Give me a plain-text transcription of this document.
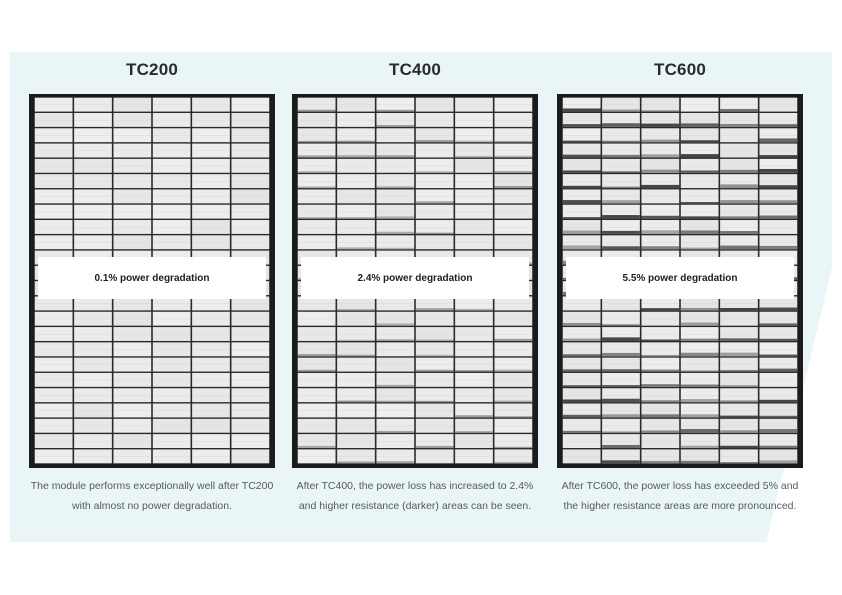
TC200
0.1% power degradation
The module performs exceptionally well after TC200 with almost no power degradation.
TC400
2.4% power degradation
After TC400, the power loss has increased to 2.4% and higher resistance (darker) areas can be seen.
TC600
5.5% power degradation
After TC600, the power loss has exceeded 5% and the higher resistance areas are more pronounced.
